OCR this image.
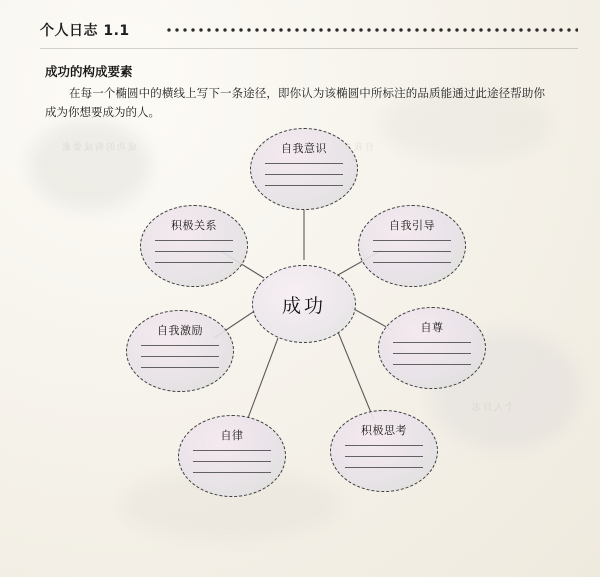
成功的构成要素
个人日志
自我意识
个人日志 1.1
成功的构成要素
在每一个椭圆中的横线上写下一条途径，即你认为该椭圆中所标注的品质能通过此途径帮助你成为你想要成为的人。
成功
自我意识
自我引导
自尊
积极思考
自律
自我激励
积极关系
